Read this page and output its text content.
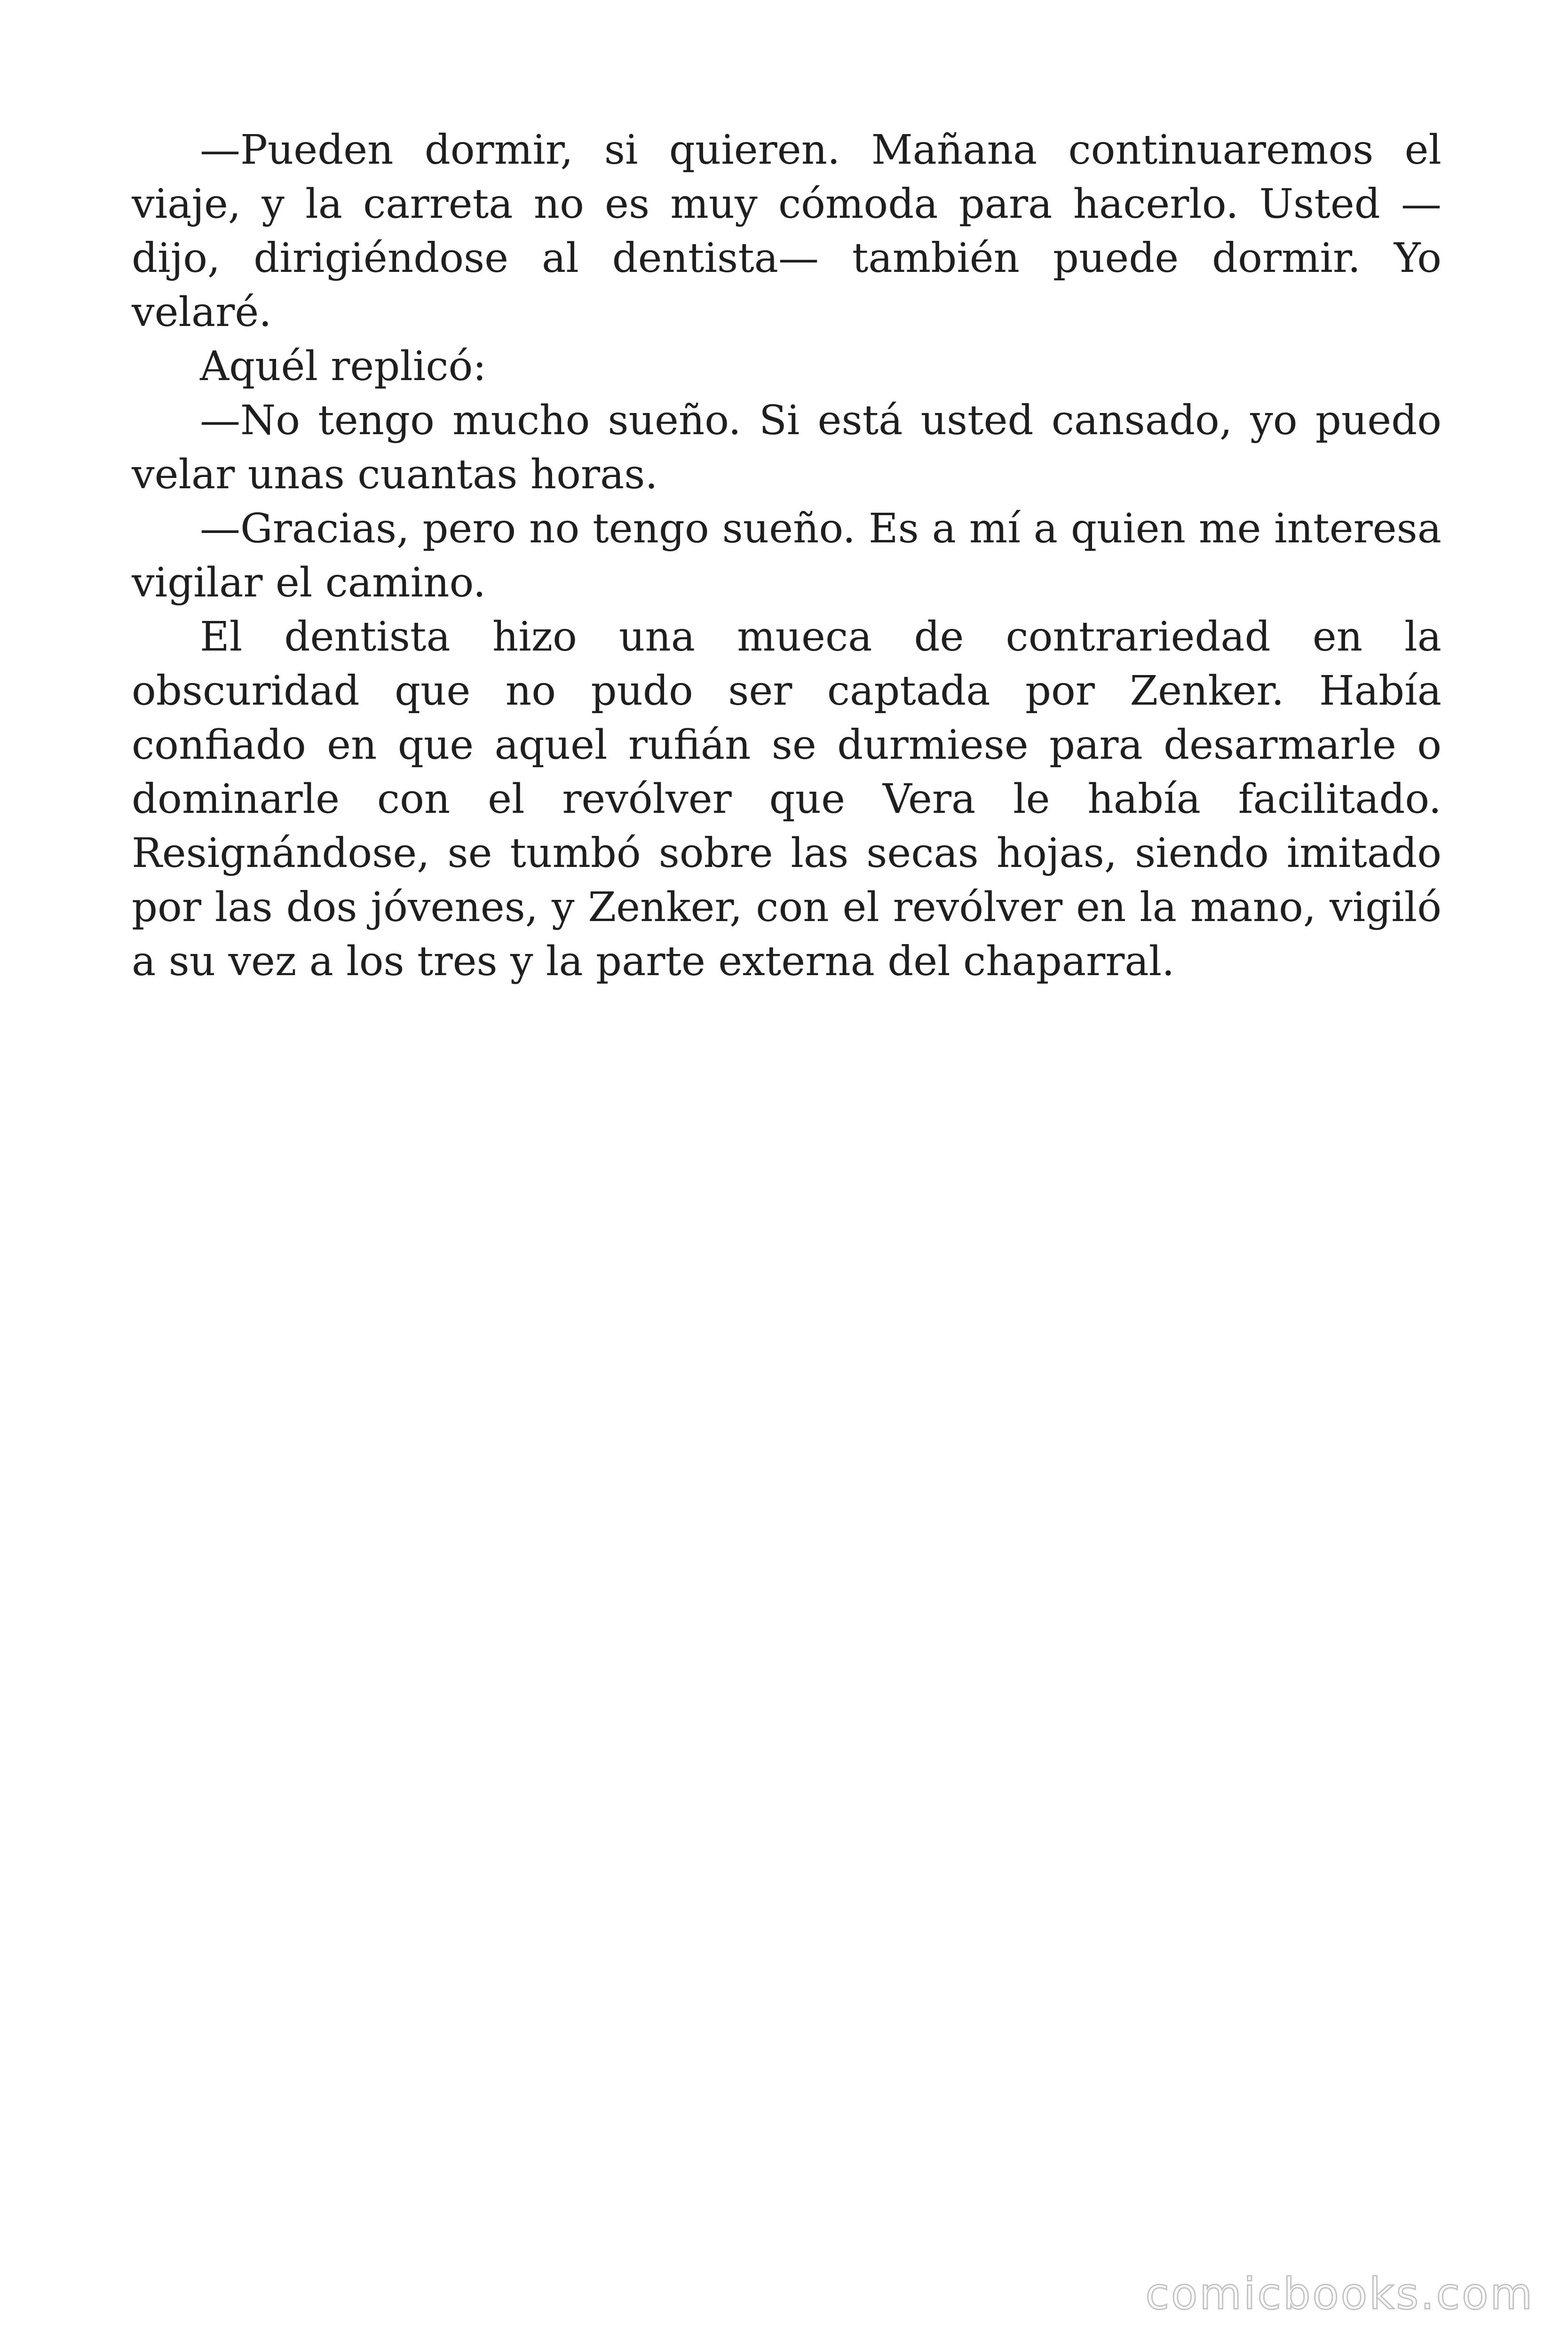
—Pueden dormir, si quieren. Mañana continuaremos el viaje, y la carreta no es muy cómoda para hacerlo. Usted —dijo, dirigiéndose al dentista— también puede dormir. Yo velaré.

Aquél replicó:

—No tengo mucho sueño. Si está usted cansado, yo puedo velar unas cuantas horas.

—Gracias, pero no tengo sueño. Es a mí a quien me interesa vigilar el camino.

El dentista hizo una mueca de contrariedad en la obscuridad que no pudo ser captada por Zenker. Había confiado en que aquel rufián se durmiese para desarmarle o dominarle con el revólver que Vera le había facilitado. Resignándose, se tumbó sobre las secas hojas, siendo imitado por las dos jóvenes, y Zenker, con el revólver en la mano, vigiló a su vez a los tres y la parte externa del chaparral.

comicbooks.com
